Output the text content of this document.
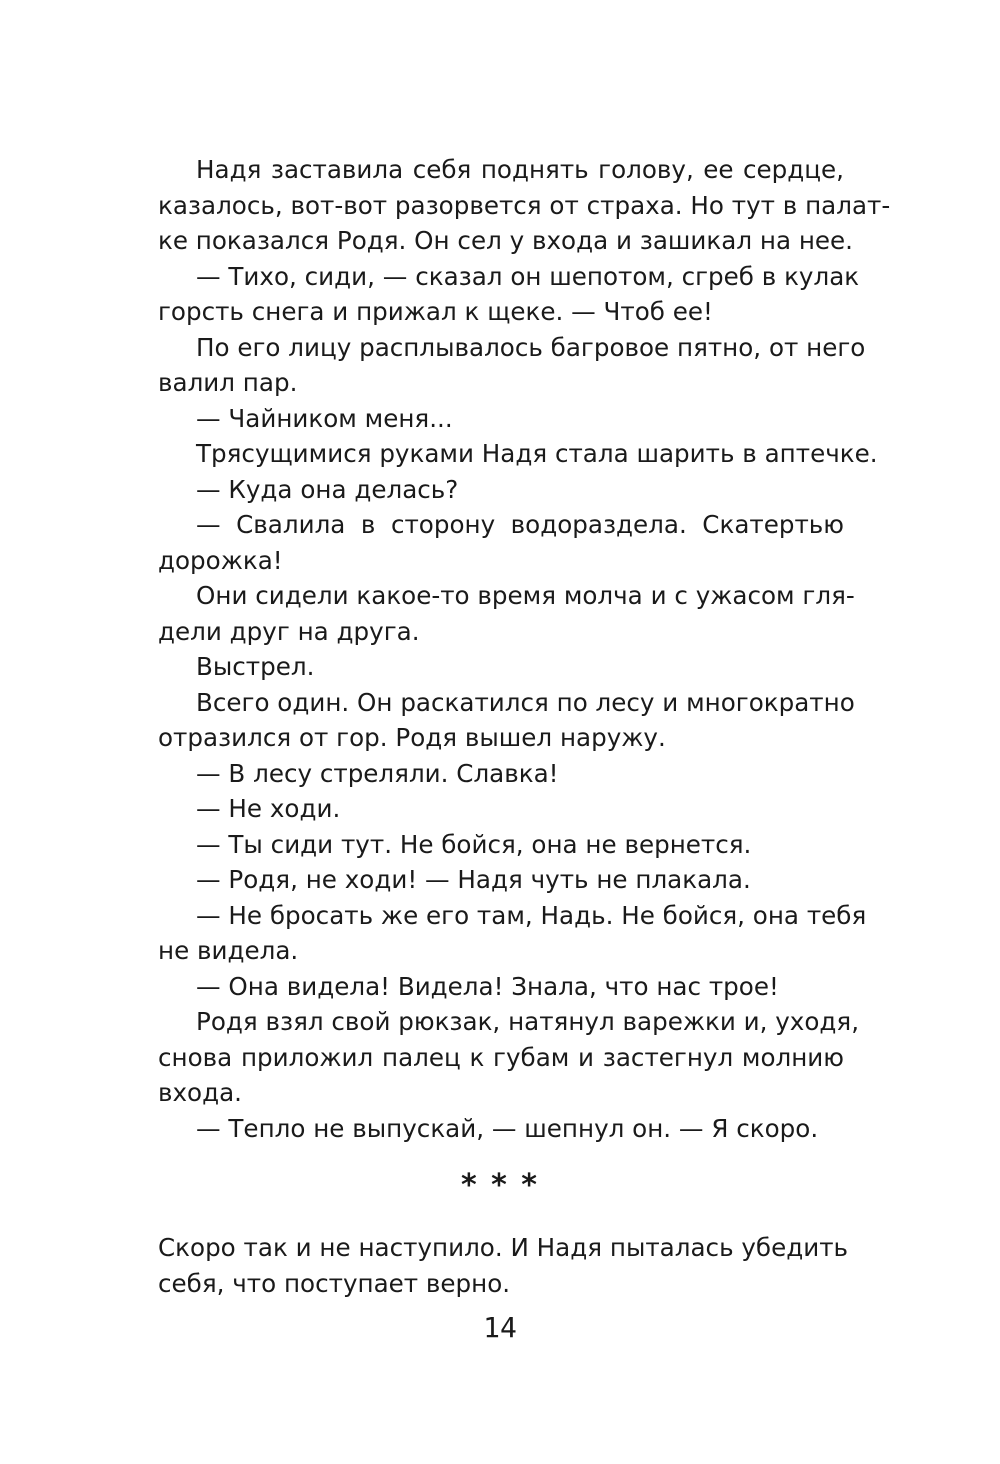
Надя заставила себя поднять голову, ее сердце,
казалось, вот-вот разорвется от страха. Но тут в палат-
ке показался Родя. Он сел у входа и зашикал на нее.
— Тихо, сиди, — сказал он шепотом, сгреб в кулак
горсть снега и прижал к щеке. — Чтоб ее!
По его лицу расплывалось багровое пятно, от него
валил пар.
— Чайником меня...
Трясущимися руками Надя стала шарить в аптечке.
— Куда она делась?
— Свалила в сторону водораздела. Скатертью
дорожка!
Они сидели какое-то время молча и с ужасом гля-
дели друг на друга.
Выстрел.
Всего один. Он раскатился по лесу и многократно
отразился от гор. Родя вышел наружу.
— В лесу стреляли. Славка!
— Не ходи.
— Ты сиди тут. Не бойся, она не вернется.
— Родя, не ходи! — Надя чуть не плакала.
— Не бросать же его там, Надь. Не бойся, она тебя
не видела.
— Она видела! Видела! Знала, что нас трое!
Родя взял свой рюкзак, натянул варежки и, уходя,
снова приложил палец к губам и застегнул молнию
входа.
— Тепло не выпускай, — шепнул он. — Я скоро.
* * *
Скоро так и не наступило. И Надя пыталась убедить
себя, что поступает верно.
14
